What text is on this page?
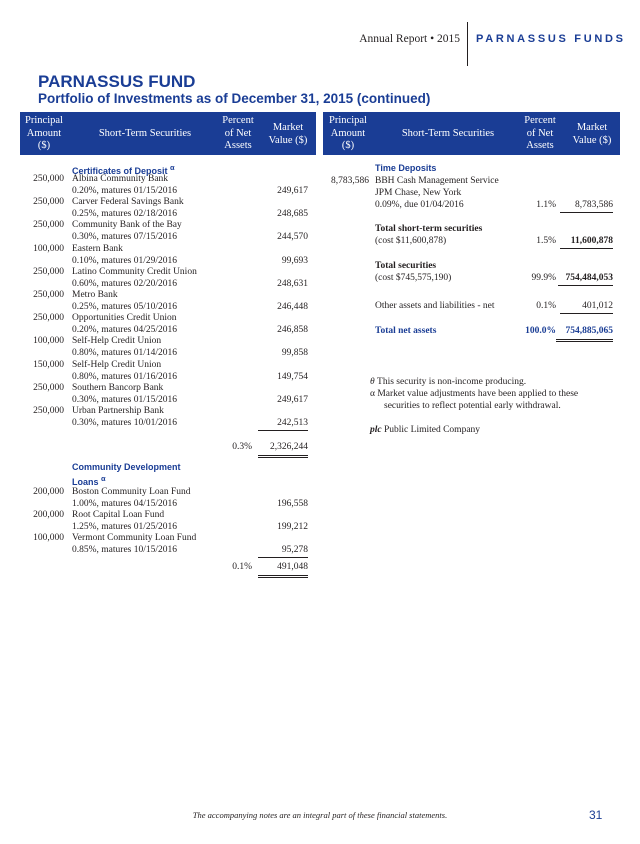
Annual Report • 2015 PARNASSUS FUNDS
PARNASSUS FUND
Portfolio of Investments as of December 31, 2015 (continued)
Principal
Amount
($)
Short-Term Securities
Percent
of Net
Assets
Market
Value ($)
Principal
Amount
($)
Short-Term Securities
Percent
of Net
Assets
Market
Value ($)
Certificates of Deposit $^\alpha$
250,000 Albina Community Bank
0.20%, matures 01/15/2016	249,617
250,000 Carver Federal Savings Bank
0.25%, matures 02/18/2016	248,685
250,000 Community Bank of the Bay
0.30%, matures 07/15/2016	244,570
100,000 Eastern Bank
0.10%, matures 01/29/2016	99,693
250,000 Latino Community Credit Union
0.60%, matures 02/20/2016	248,631
250,000 Metro Bank
0.25%, matures 05/10/2016	246,448
250,000 Opportunities Credit Union
0.20%, matures 04/25/2016	246,858
100,000 Self-Help Credit Union
0.80%, matures 01/14/2016	99,858
150,000 Self-Help Credit Union
0.80%, matures 01/16/2016	149,754
250,000 Southern Bancorp Bank
0.30%, matures 01/15/2016	249,617
250,000 Urban Partnership Bank
0.30%, matures 10/01/2016	242,513
0.3%	2,326,244
Community Development
Loans $^\alpha$
200,000 Boston Community Loan Fund
1.00%, matures 04/15/2016	196,558
200,000 Root Capital Loan Fund
1.25%, matures 01/25/2016	199,212
100,000 Vermont Community Loan Fund
0.85%, matures 10/15/2016	95,278
0.1%	491,048
Time Deposits
8,783,586 BBH Cash Management Service
JPM Chase, New York
0.09%, due 01/04/2016	1.1%	8,783,586
Total short-term securities
(cost $11,600,878)	1.5%	11,600,878
Total securities
(cost $745,575,190)	99.9%	754,484,053
Other assets and liabilities - net	0.1%	401,012
Total net assets	100.0%	754,885,065
θ This security is non-income producing.
α Market value adjustments have been applied to these
securities to reflect potential early withdrawal.
plc Public Limited Company
The accompanying notes are an integral part of these financial statements.	31
